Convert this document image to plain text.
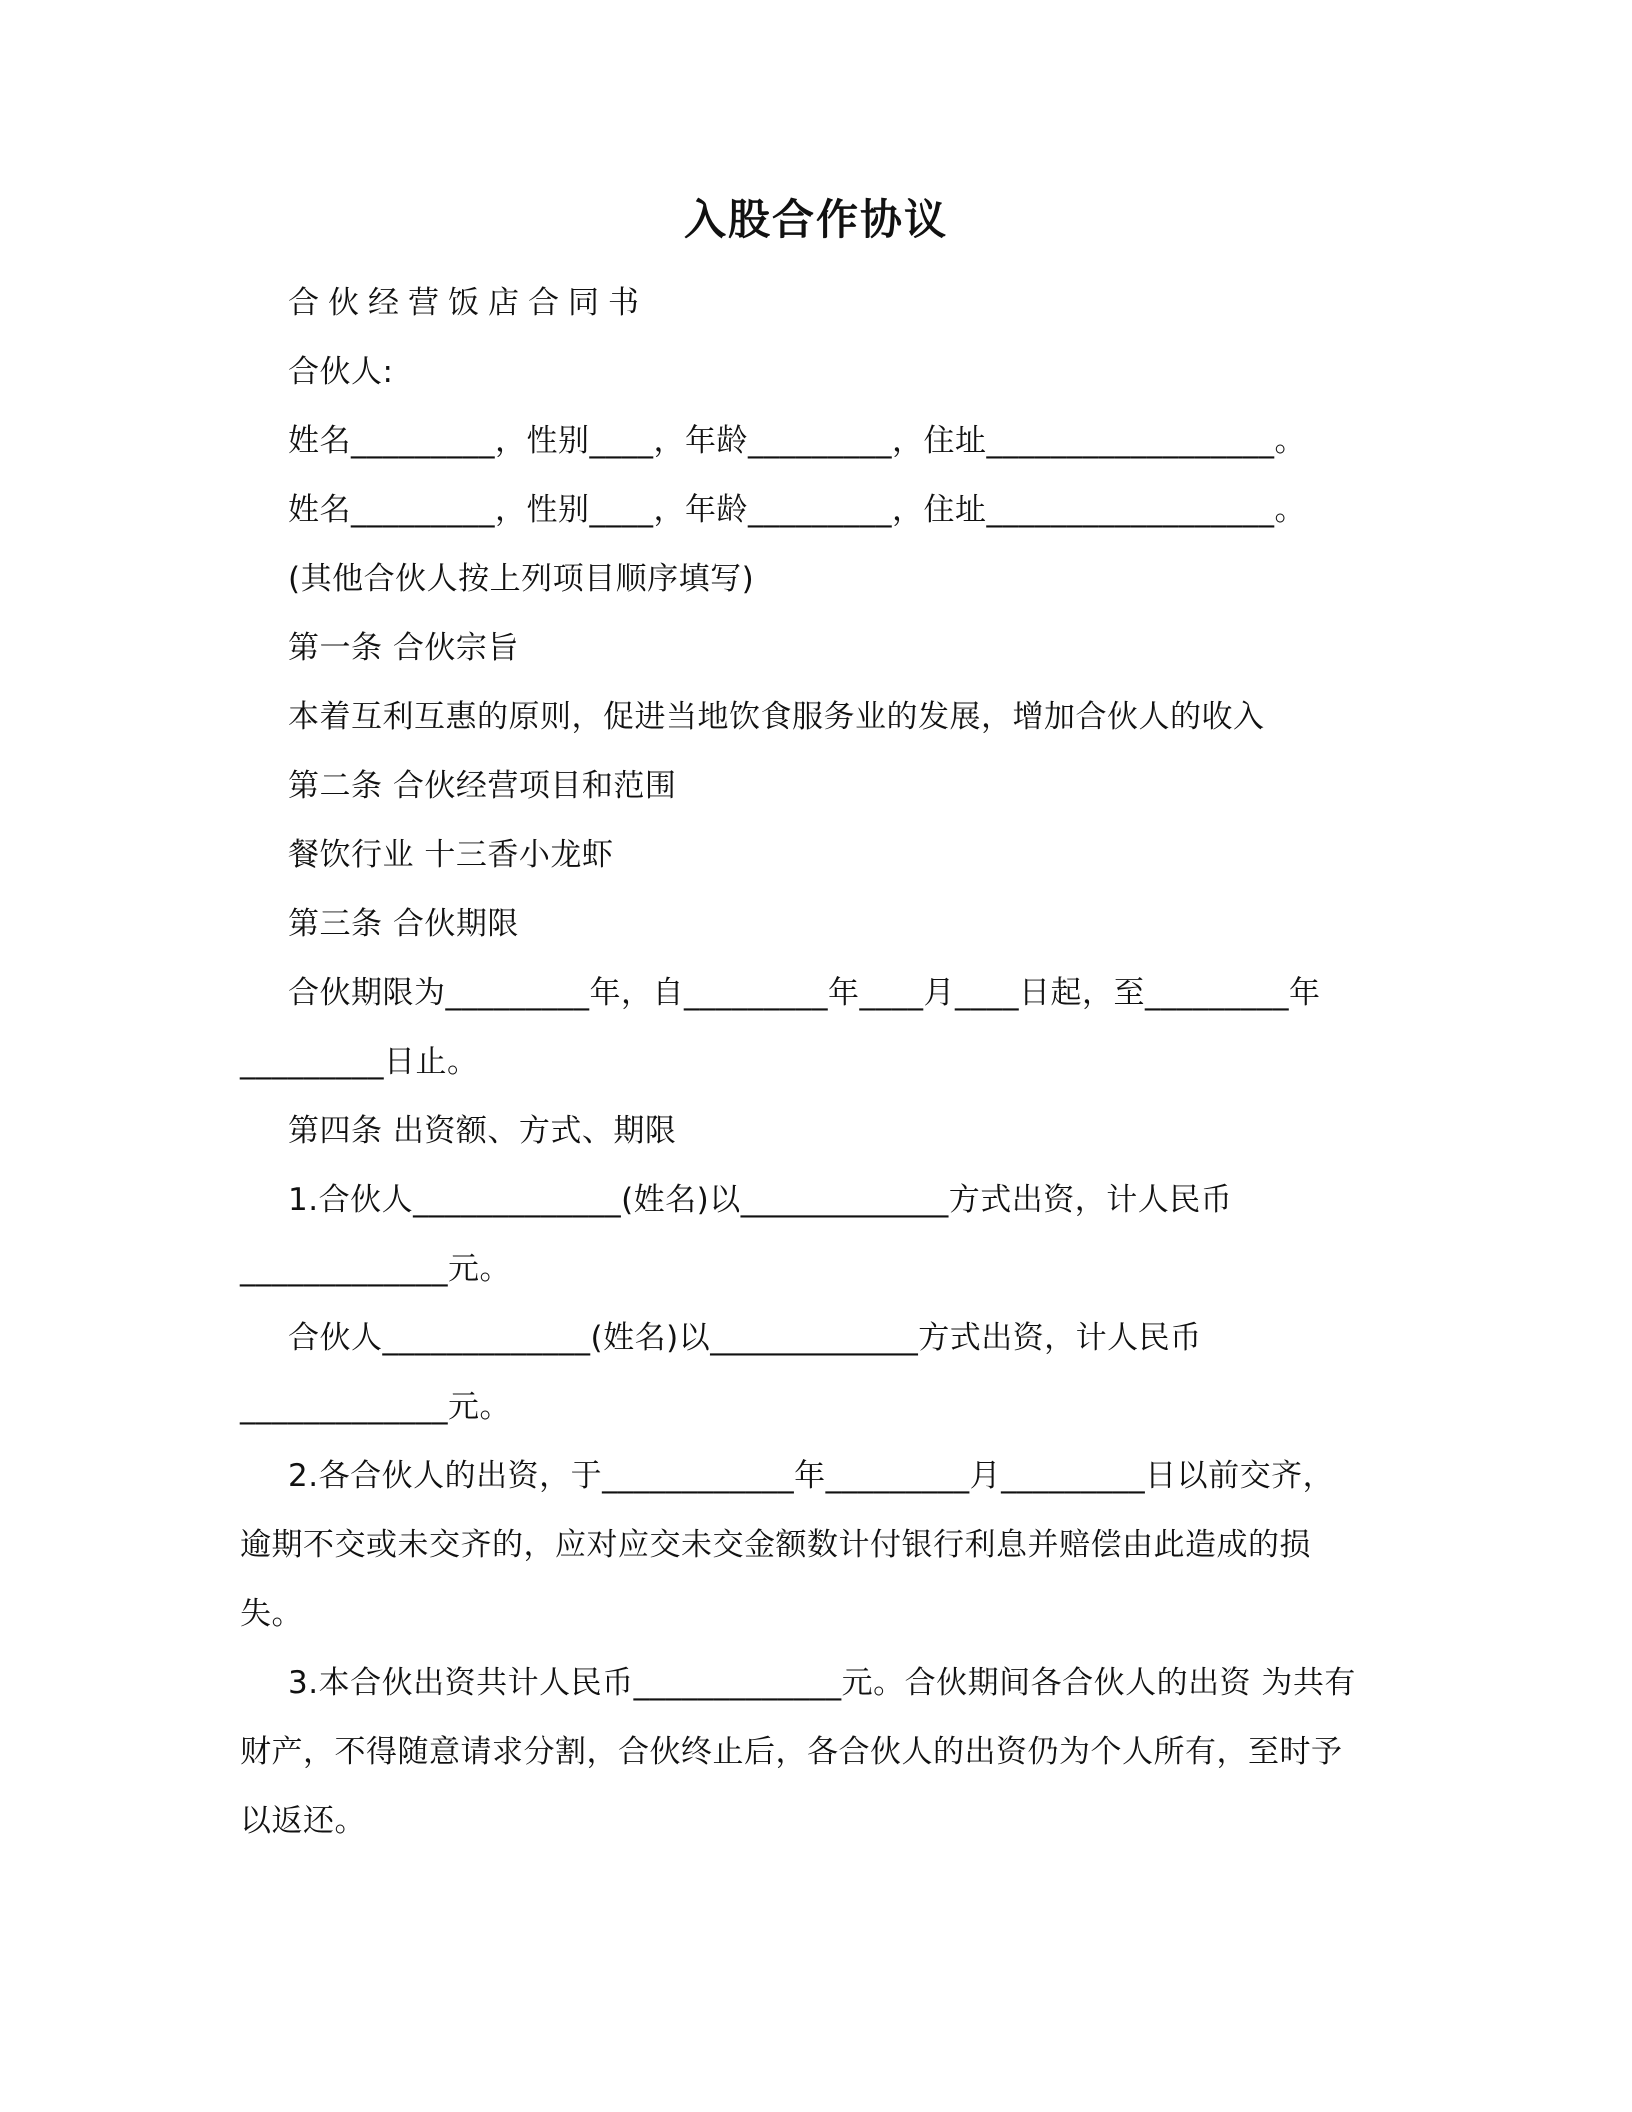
入股合作协议
合伙经营饭店合同书
合伙人:
姓名_________，性别____，年龄_________，住址__________________。
姓名_________，性别____，年龄_________，住址__________________。
(其他合伙人按上列项目顺序填写)
第一条 合伙宗旨
本着互利互惠的原则，促进当地饮食服务业的发展，增加合伙人的收入
第二条 合伙经营项目和范围
餐饮行业 十三香小龙虾
第三条 合伙期限
合伙期限为_________年，自_________年____月____日起，至_________年
_________日止。
第四条 出资额、方式、期限
1.合伙人_____________(姓名)以_____________方式出资，计人民币
_____________元。
合伙人_____________(姓名)以_____________方式出资，计人民币
_____________元。
2.各合伙人的出资，于____________年_________月_________日以前交齐，
逾期不交或未交齐的，应对应交未交金额数计付银行利息并赔偿由此造成的损
失。
3.本合伙出资共计人民币_____________元。合伙期间各合伙人的出资 为共有
财产，不得随意请求分割，合伙终止后，各合伙人的出资仍为个人所有，至时予
以返还。
